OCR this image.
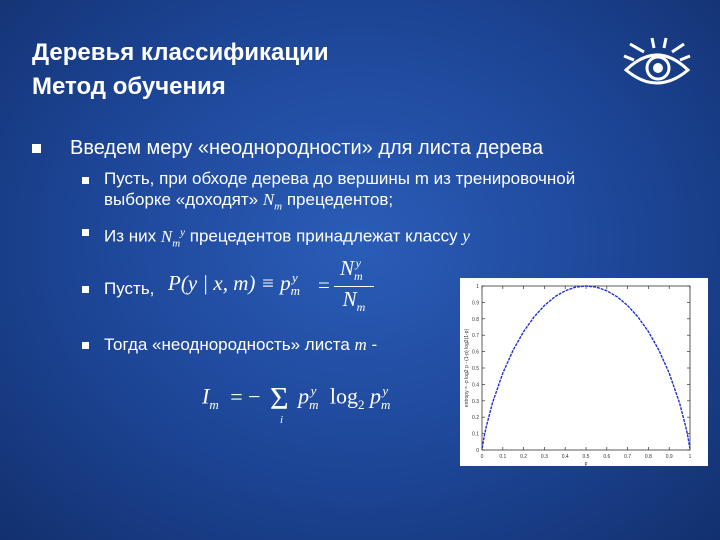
Деревья классификации
Метод обучения
Введем меру «неоднородности» для листа дерева
Пусть, при обходе дерева до вершины m из тренировочной
выборке «доходят» $N_m$ прецедентов;
Из них $N_m^y$ прецедентов принадлежат классу y
Пусть, P(y | x, $m) \equiv p_m^y$ =
$N_m^y$
$N_m$
Тогда «неоднородность» листа m -
$I_m$ = − Σ
i
$p_m^y$ $\log_2 p_m^y$
0	0.1	0.2	0.3	0.4	0.5	0.6	0.7	0.8	0.9	1
0
0.1
0.2
0.3
0.4
0.5
0.6
0.7
0.8
0.9
1
p
entropy = -p log2 p - (1-p) log2(1-p)
